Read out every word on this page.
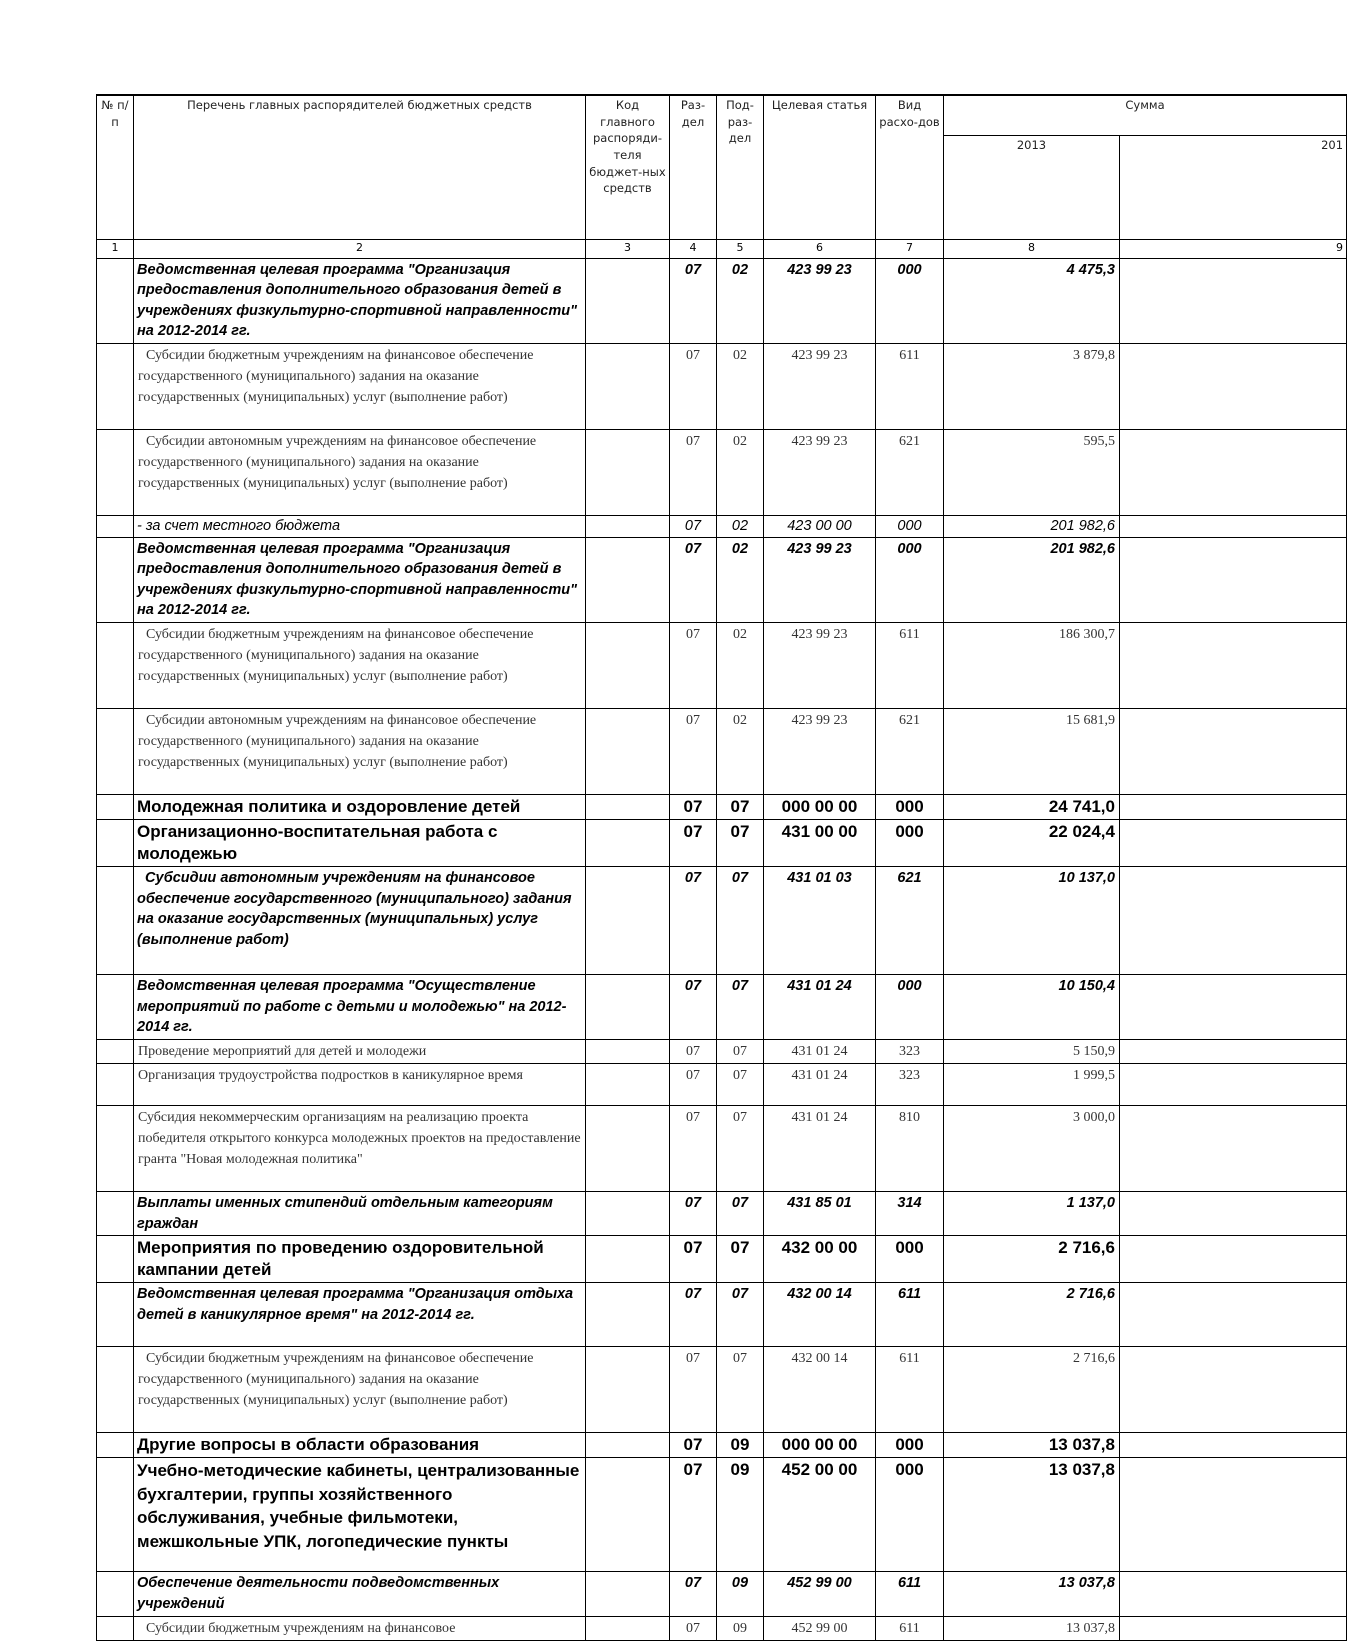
№ п/п	Перечень главных распорядителей бюджетных средств	Код главного распоряди-теля бюджет-ных средств	Раз-дел	Под-раз-дел	Целевая статья	Вид расхо-дов	Сумма	
							2013	201
1	2	3	4	5	6	7	8	9
	Ведомственная целевая программа "Организация предоставления дополнительного образования детей в учреждениях физкультурно-спортивной направленности" на 2012-2014 гг.		07	02	423 99 23	000	4 475,3	
	Субсидии бюджетным учреждениям на финансовое обеспечение государственного (муниципального) задания на оказание государственных (муниципальных) услуг (выполнение работ)		07	02	423 99 23	611	3 879,8	
	Субсидии автономным учреждениям на финансовое обеспечение государственного (муниципального) задания на оказание государственных (муниципальных) услуг (выполнение работ)		07	02	423 99 23	621	595,5	
	- за счет местного бюджета		07	02	423 00 00	000	201 982,6	
	Ведомственная целевая программа "Организация предоставления дополнительного образования детей в учреждениях физкультурно-спортивной направленности" на 2012-2014 гг.		07	02	423 99 23	000	201 982,6	
	Субсидии бюджетным учреждениям на финансовое обеспечение государственного (муниципального) задания на оказание государственных (муниципальных) услуг (выполнение работ)		07	02	423 99 23	611	186 300,7	
	Субсидии автономным учреждениям на финансовое обеспечение государственного (муниципального) задания на оказание государственных (муниципальных) услуг (выполнение работ)		07	02	423 99 23	621	15 681,9	
	Молодежная политика и оздоровление детей		07	07	000 00 00	000	24 741,0	
	Организационно-воспитательная работа с молодежью		07	07	431 00 00	000	22 024,4	
	Субсидии автономным учреждениям на финансовое обеспечение государственного (муниципального) задания на оказание государственных (муниципальных) услуг (выполнение работ)		07	07	431 01 03	621	10 137,0	
	Ведомственная целевая программа "Осуществление мероприятий по работе с детьми и молодежью" на 2012-2014 гг.		07	07	431 01 24	000	10 150,4	
	Проведение мероприятий для детей и молодежи		07	07	431 01 24	323	5 150,9	
	Организация трудоустройства подростков в каникулярное время		07	07	431 01 24	323	1 999,5	
	Субсидия некоммерческим организациям на реализацию проекта победителя открытого конкурса молодежных проектов на предоставление гранта "Новая молодежная политика"		07	07	431 01 24	810	3 000,0	
	Выплаты именных стипендий отдельным категориям граждан		07	07	431 85 01	314	1 137,0	
	Мероприятия по проведению оздоровительной кампании детей		07	07	432 00 00	000	2 716,6	
	Ведомственная целевая программа "Организация отдыха детей в каникулярное время" на 2012-2014 гг.		07	07	432 00 14	611	2 716,6	
	Субсидии бюджетным учреждениям на финансовое обеспечение государственного (муниципального) задания на оказание государственных (муниципальных) услуг (выполнение работ)		07	07	432 00 14	611	2 716,6	
	Другие вопросы в области образования		07	09	000 00 00	000	13 037,8	
	Учебно-методические кабинеты, централизованные бухгалтерии, группы хозяйственного обслуживания, учебные фильмотеки, межшкольные УПК, логопедические пункты		07	09	452 00 00	000	13 037,8	
	Обеспечение деятельности подведомственных учреждений		07	09	452 99 00	611	13 037,8	
	Субсидии бюджетным учреждениям на финансовое		07	09	452 99 00	611	13 037,8	
